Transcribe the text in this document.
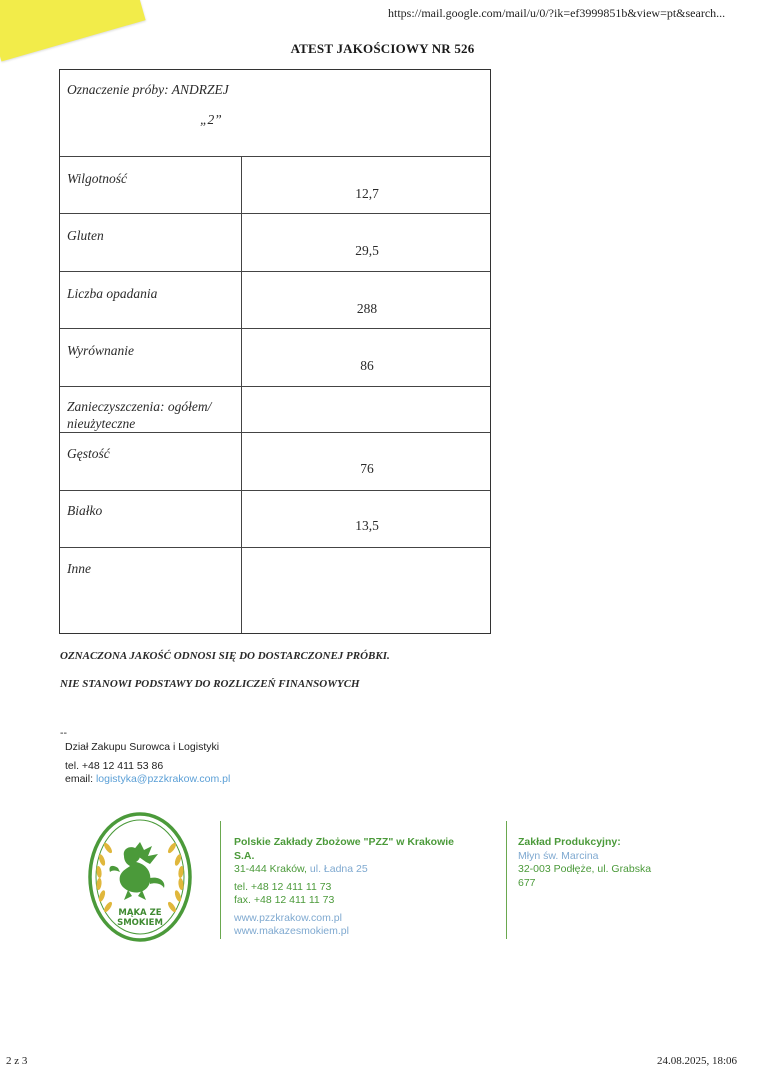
https://mail.google.com/mail/u/0/?ik=ef3999851b&view=pt&search...
ATEST JAKOŚCIOWY NR 526
Oznaczenie próby: ANDRZEJ
„2”
Wilgotność
12,7
Gluten
29,5
Liczba opadania
288
Wyrównanie
86
Zanieczyszczenia: ogółem/
nieużyteczne
Gęstość
76
Białko
13,5
Inne
OZNACZONA JAKOŚĆ ODNOSI SIĘ DO DOSTARCZONEJ PRÓBKI.
NIE STANOWI PODSTAWY DO ROZLICZEŃ FINANSOWYCH
--
Dział Zakupu Surowca i Logistyki
tel. +48 12 411 53 86
email: logistyka@pzzkrakow.com.pl
MĄKA ZE
SMOKIEM
Polskie Zakłady Zbożowe "PZZ" w Krakowie
S.A.
31-444 Kraków, ul. Ładna 25
tel. +48 12 411 11 73
fax. +48 12 411 11 73
www.pzzkrakow.com.pl
www.makazesmokiem.pl
Zakład Produkcyjny:
Młyn św. Marcina
32-003 Podłęże, ul. Grabska
677
2 z 3	24.08.2025, 18:06
